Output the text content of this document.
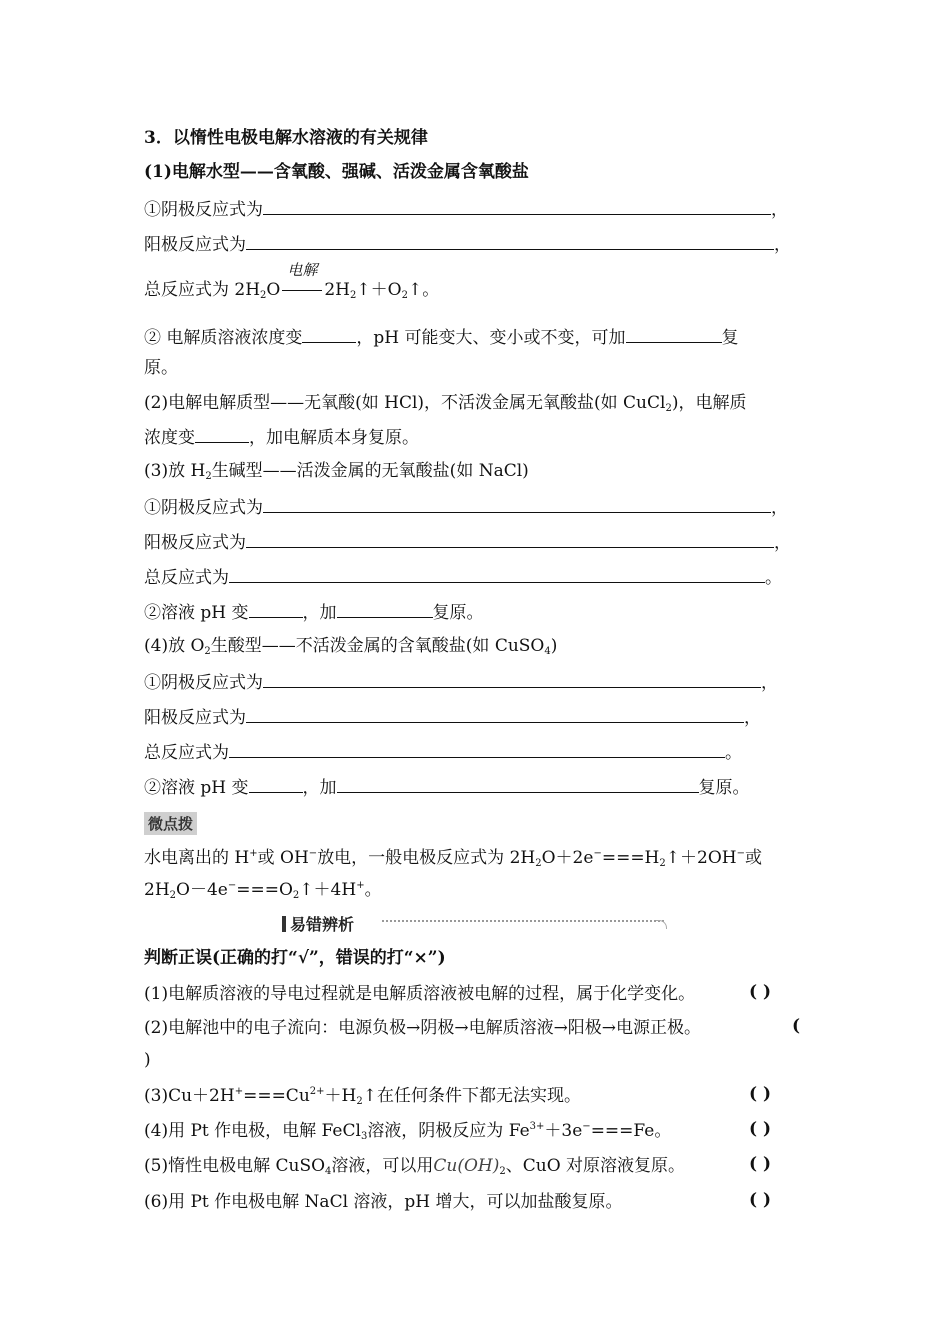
3．以惰性电极电解水溶液的有关规律
(1)电解水型——含氧酸、强碱、活泼金属含氧酸盐
①阴极反应式为	，
阳极反应式为	，
总反应式为 $2H_2O$
电解
$2H_2↑+O_2↑$。
② 电解质溶液浓度变	，pH 可能变大、变小或不变，可加	复
原。
(2)电解电解质型——无氧酸(如 HCl)，不活泼金属无氧酸盐(如 CuCl$_2$)，电解质
浓度变	，加电解质本身复原。
(3)放 $H_2$生碱型——活泼金属的无氧酸盐(如 NaCl)
①阴极反应式为	，
阳极反应式为	，
总反应式为	。
②溶液 pH 变	，加	复原。
(4)放 $O_2$生酸型——不活泼金属的含氧酸盐(如 CuSO$_4$)
①阴极反应式为	，
阳极反应式为	，
总反应式为	。
②溶液 pH 变	，加	复原。
微点拨
水电离出的 H+或 OH−放电，一般电极反应式为 $2H_2O+2e^-===H_2↑+2OH^-$或
$2H_2O-4e^-===O_2↑+4H^+$。
易错辨析
判断正误(正确的打“√”，错误的打“×”)
(1)电解质溶液的导电过程就是电解质溶液被电解的过程，属于化学变化。	( )
(2)电解池中的电子流向：电源负极→阴极→电解质溶液→阳极→电源正极。	(
)
$(3)Cu+2H^+===Cu^{2+}+H_2↑$在任何条件下都无法实现。	( )
(4)用 Pt 作电极，电解 FeCl$_3$溶液，阴极反应为 $Fe^{3+}+3e^-===Fe$。	( )
(5)惰性电极电解 CuSO$_4$溶液，可以用$Cu(OH)_2$、CuO 对原溶液复原。	( )
(6)用 Pt 作电极电解 NaCl 溶液，pH 增大，可以加盐酸复原。	( )
